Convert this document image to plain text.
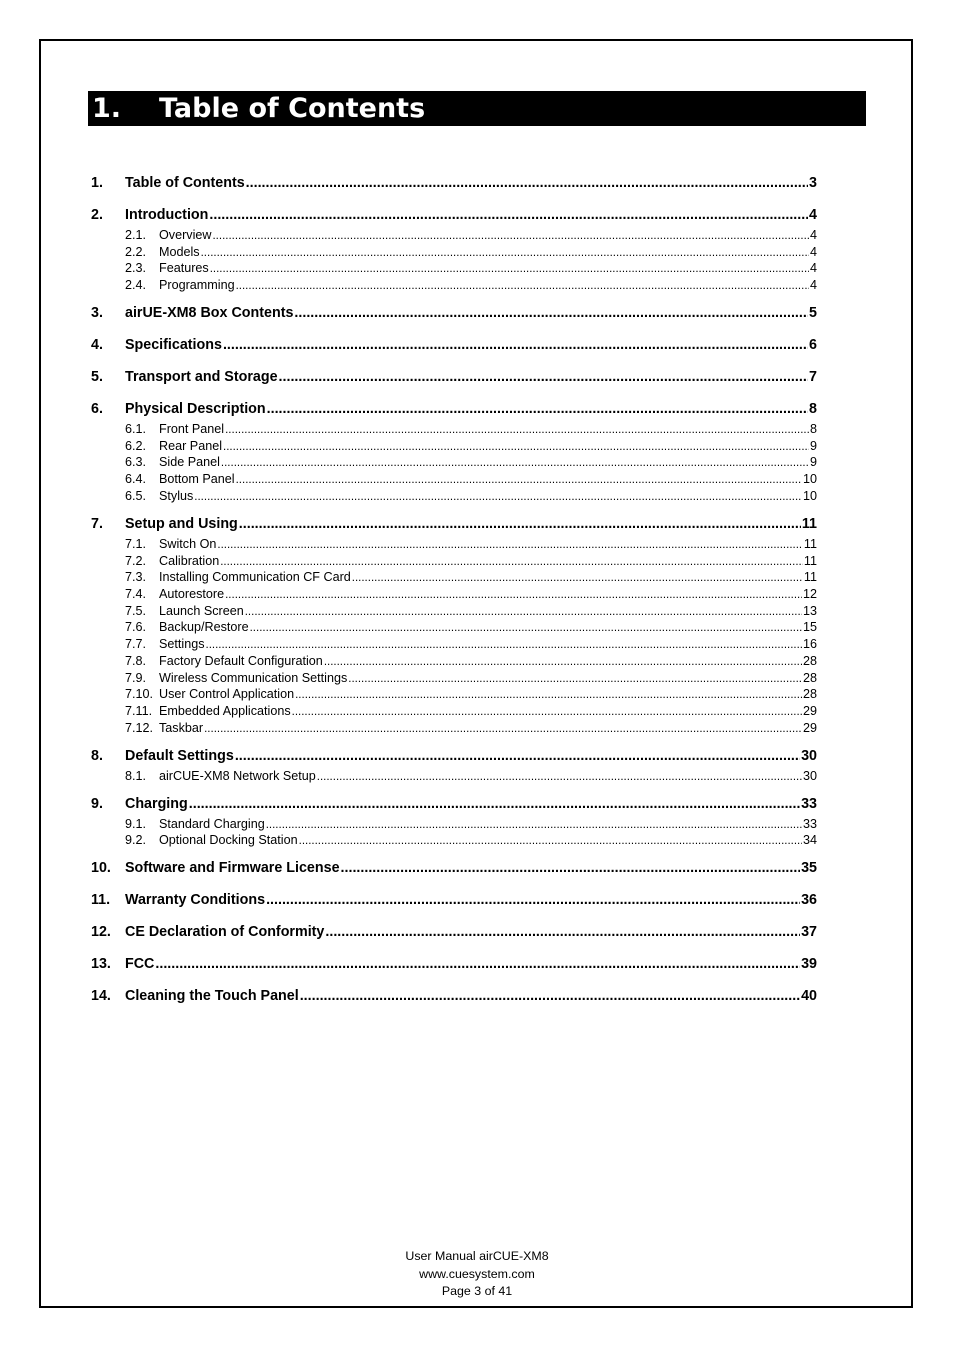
1. Table of Contents
1.	Table of Contents .....	3
2.	Introduction .....	4
2.1.	Overview .....	4
2.2.	Models .....	4
2.3.	Features .....	4
2.4.	Programming .....	4
3.	airUE-XM8 Box Contents .....	5
4.	Specifications .....	6
5.	Transport and Storage .....	7
6.	Physical Description .....	8
6.1.	Front Panel .....	8
6.2.	Rear Panel .....	9
6.3.	Side Panel .....	9
6.4.	Bottom Panel .....	10
6.5.	Stylus .....	10
7.	Setup and Using .....	11
7.1.	Switch On .....	11
7.2.	Calibration .....	11
7.3.	Installing Communication CF Card .....	11
7.4.	Autorestore .....	12
7.5.	Launch Screen .....	13
7.6.	Backup/Restore .....	15
7.7.	Settings .....	16
7.8.	Factory Default Configuration .....	28
7.9.	Wireless Communication Settings .....	28
7.10. User Control Application .....	28
7.11. Embedded Applications .....	29
7.12. Taskbar .....	29
8.	Default Settings .....	30
8.1.	airCUE-XM8 Network Setup .....	30
9.	Charging .....	33
9.1.	Standard Charging .....	33
9.2.	Optional Docking Station .....	34
10. Software and Firmware License .....	35
11.	Warranty Conditions .....	36
12. CE Declaration of Conformity .....	37
13. FCC .....	39
14. Cleaning the Touch Panel .....	40
User Manual airCUE-XM8
www.cuesystem.com
Page 3 of 41
